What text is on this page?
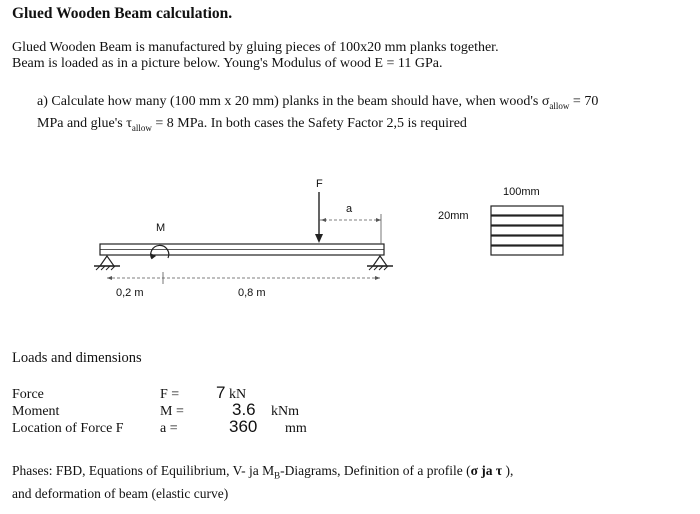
Glued Wooden Beam calculation.
Glued Wooden Beam is manufactured by gluing pieces of 100x20 mm planks together.
Beam is loaded as in a picture below. Young's Modulus of wood E = 11 GPa.
a) Calculate how many (100 mm x 20 mm) planks in the beam should have, when wood's $\sigma_{allow} = 70$
MPa and glue's $\tau_{allow} = 8$ MPa. In both cases the Safety Factor 2,5 is required
M
F
a
0,2 m	0,8 m
100mm
20mm
Loads and dimensions
Force	F = 7 kN
Moment	M =	3.6 kNm
Location of Force F	a =	360 mm
Phases: FBD, Equations of Equilibrium, V- ja $M_B$-Diagrams, Definition of a profile (σ ja τ ),
and deformation of beam (elastic curve)
